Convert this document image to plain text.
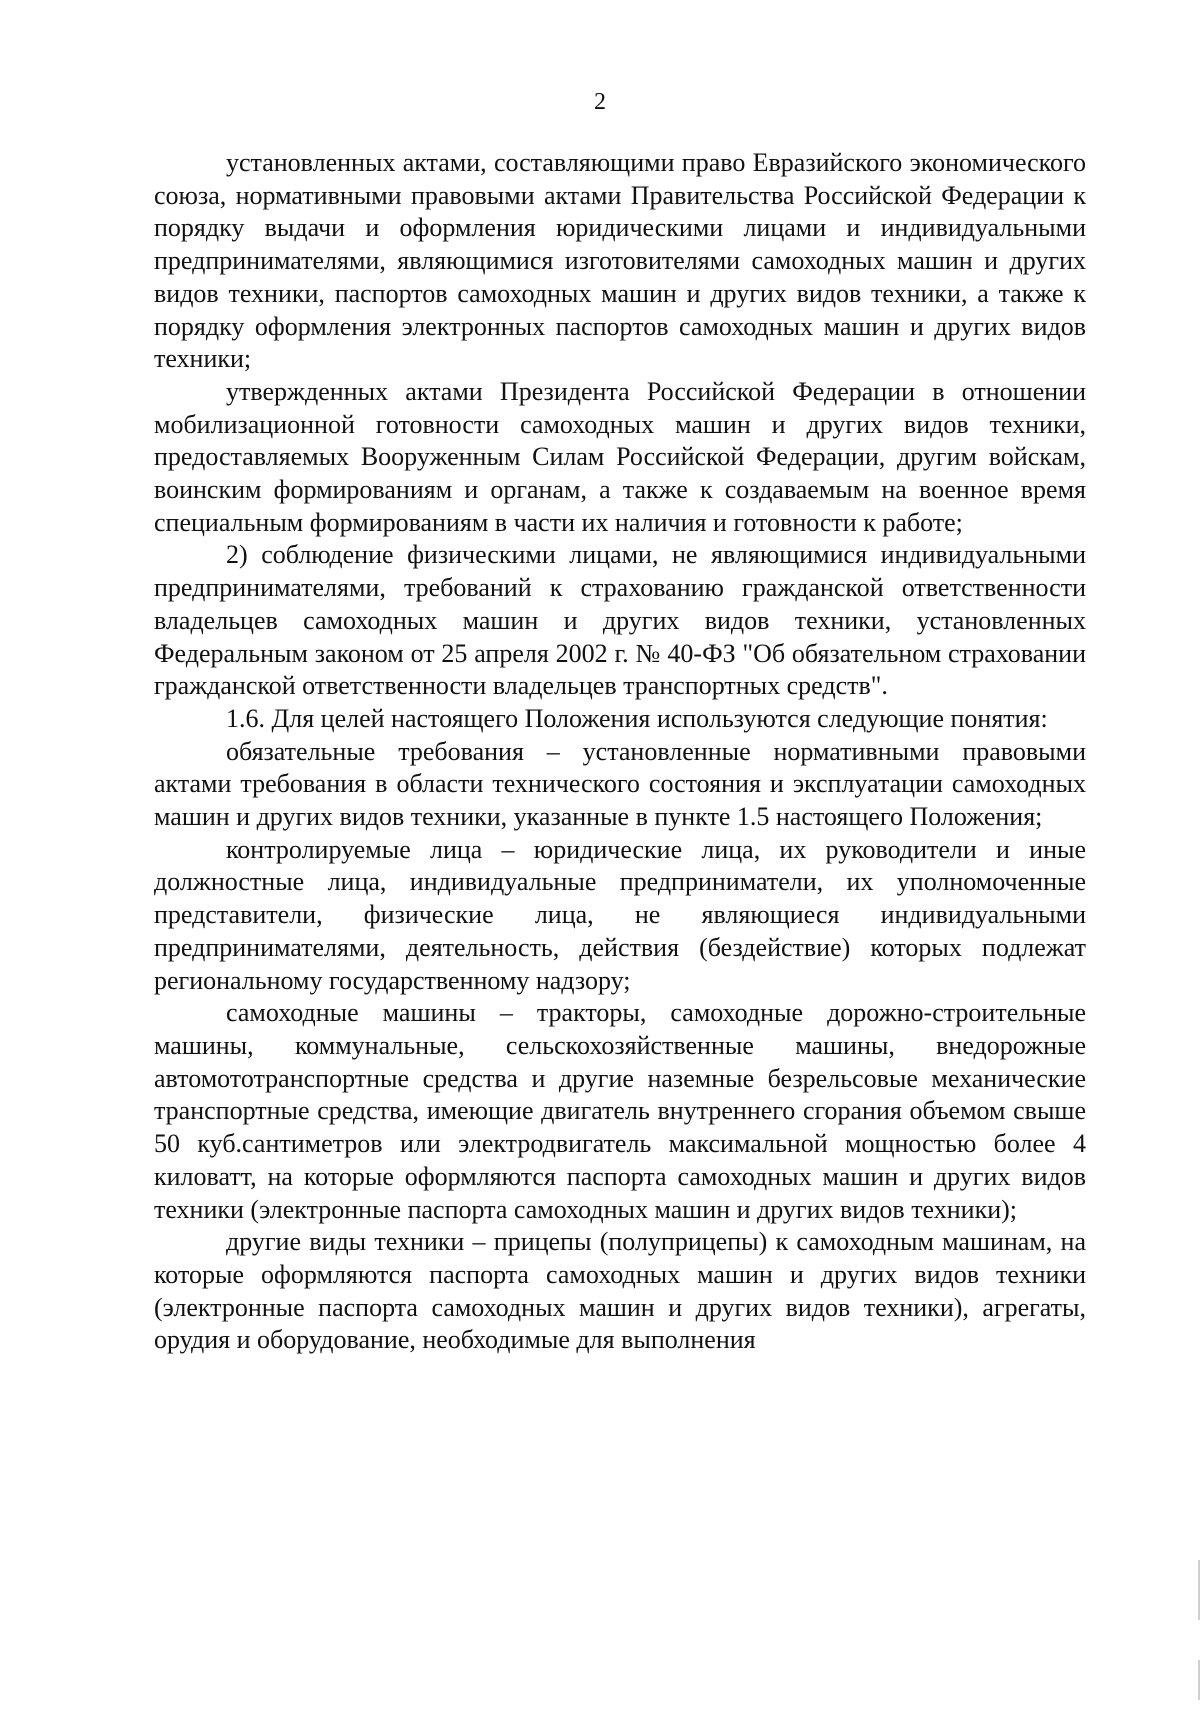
2

установленных актами, составляющими право Евразийского экономического союза, нормативными правовыми актами Правительства Российской Федерации к порядку выдачи и оформления юридическими лицами и индивидуальными предпринимателями, являющимися изготовителями самоходных машин и других видов техники, паспортов самоходных машин и других видов техники, а также к порядку оформления электронных паспортов самоходных машин и других видов техники;

утвержденных актами Президента Российской Федерации в отношении мобилизационной готовности самоходных машин и других видов техники, предоставляемых Вооруженным Силам Российской Федерации, другим войскам, воинским формированиям и органам, а также к создаваемым на военное время специальным формированиям в части их наличия и готовности к работе;

2) соблюдение физическими лицами, не являющимися индивидуальными предпринимателями, требований к страхованию гражданской ответственности владельцев самоходных машин и других видов техники, установленных Федеральным законом от 25 апреля 2002 г. № 40-ФЗ "Об обязательном страховании гражданской ответственности владельцев транспортных средств".

1.6. Для целей настоящего Положения используются следующие понятия:

обязательные требования – установленные нормативными правовыми актами требования в области технического состояния и эксплуатации самоходных машин и других видов техники, указанные в пункте 1.5 настоящего Положения;

контролируемые лица – юридические лица, их руководители и иные должностные лица, индивидуальные предприниматели, их уполномоченные представители, физические лица, не являющиеся индивидуальными предпринимателями, деятельность, действия (бездействие) которых подлежат региональному государственному надзору;

самоходные машины – тракторы, самоходные дорожно-строительные машины, коммунальные, сельскохозяйственные машины, внедорожные автомототранспортные средства и другие наземные безрельсовые механические транспортные средства, имеющие двигатель внутреннего сгорания объемом свыше 50 куб.сантиметров или электродвигатель максимальной мощностью более 4 киловатт, на которые оформляются паспорта самоходных машин и других видов техники (электронные паспорта самоходных машин и других видов техники);

другие виды техники – прицепы (полуприцепы) к самоходным машинам, на которые оформляются паспорта самоходных машин и других видов техники (электронные паспорта самоходных машин и других видов техники), агрегаты, орудия и оборудование, необходимые для выполнения
